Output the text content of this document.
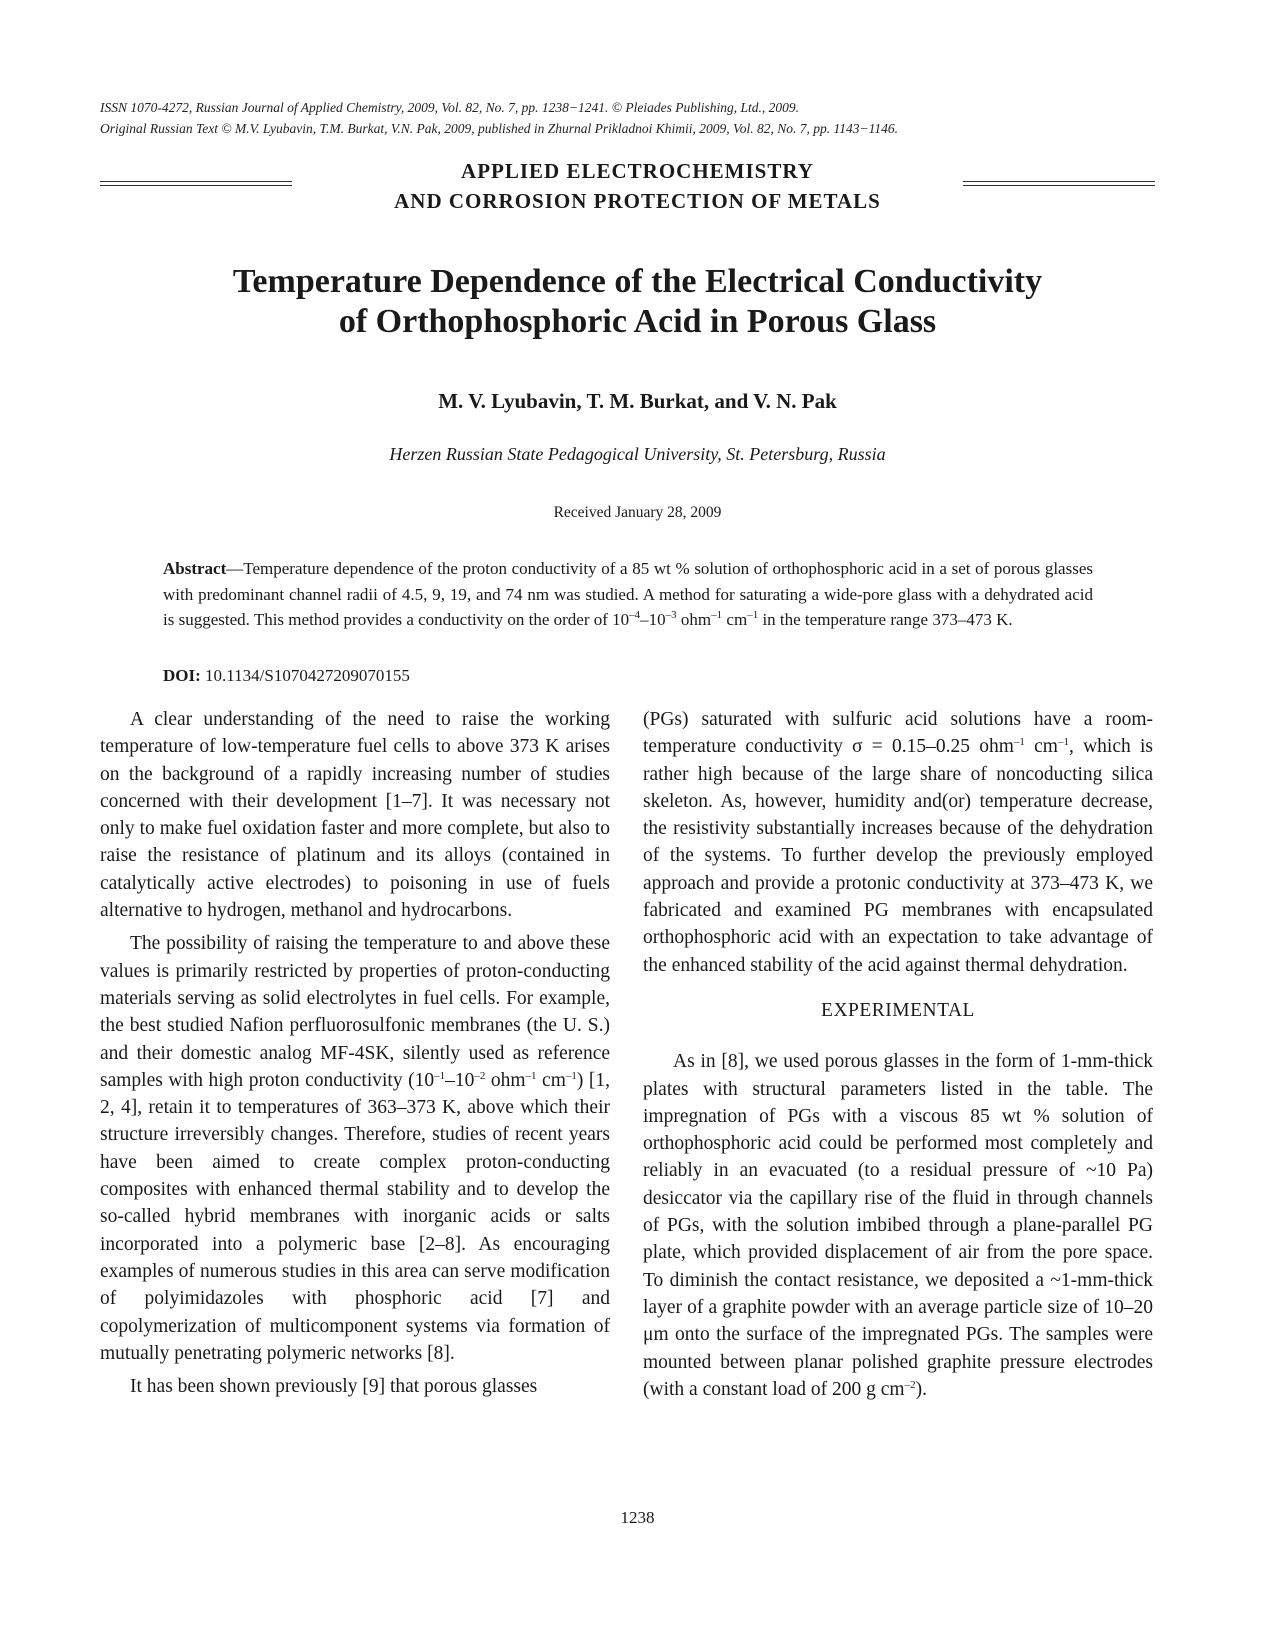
ISSN 1070-4272, Russian Journal of Applied Chemistry, 2009, Vol. 82, No. 7, pp. 1238−1241. © Pleiades Publishing, Ltd., 2009.
Original Russian Text © M.V. Lyubavin, T.M. Burkat, V.N. Pak, 2009, published in Zhurnal Prikladnoi Khimii, 2009, Vol. 82, No. 7, pp. 1143−1146.
APPLIED ELECTROCHEMISTRY
AND CORROSION PROTECTION OF METALS
Temperature Dependence of the Electrical Conductivity
of Orthophosphoric Acid in Porous Glass
M. V. Lyubavin, T. M. Burkat, and V. N. Pak
Herzen Russian State Pedagogical University, St. Petersburg, Russia
Received January 28, 2009
Abstract—Temperature dependence of the proton conductivity of a 85 wt % solution of orthophosphoric acid in a set of porous glasses with predominant channel radii of 4.5, 9, 19, and 74 nm was studied. A method for saturating a wide-pore glass with a dehydrated acid is suggested. This method provides a conductivity on the order of $10^{-4}-10^{-3}$ ohm$^{-1}$ $cm^{-1}$ in the temperature range 373–473 K.
DOI: 10.1134/S1070427209070155

A clear understanding of the need to raise the working temperature of low-temperature fuel cells to above 373 K arises on the background of a rapidly increasing number of studies concerned with their development [1–7]. It was necessary not only to make fuel oxidation faster and more complete, but also to raise the resistance of platinum and its alloys (contained in catalytically active electrodes) to poisoning in use of fuels alternative to hydrogen, methanol and hydrocarbons.

The possibility of raising the temperature to and above these values is primarily restricted by properties of proton-conducting materials serving as solid electrolytes in fuel cells. For example, the best studied Nafion perfluorosulfonic membranes (the U. S.) and their domestic analog MF-4SK, silently used as reference samples with high proton conductivity ($10^{-1}-10^{-2}$ ohm$^{-1}$ $cm^{-1}$) [1, 2, 4], retain it to temperatures of 363–373 K, above which their structure irreversibly changes. Therefore, studies of recent years have been aimed to create complex proton-conducting composites with enhanced thermal stability and to develop the so-called hybrid membranes with inorganic acids or salts incorporated into a polymeric base [2–8]. As encouraging examples of numerous studies in this area can serve modification of polyimidazoles with phosphoric acid [7] and copolymerization of multicomponent systems via formation of mutually penetrating polymeric networks [8].

It has been shown previously [9] that porous glasses

(PGs) saturated with sulfuric acid solutions have a room-temperature conductivity σ = 0.15–0.25 ohm$^{-1}$ $cm^{-1}$, which is rather high because of the large share of noncoducting silica skeleton. As, however, humidity and(or) temperature decrease, the resistivity substantially increases because of the dehydration of the systems. To further develop the previously employed approach and provide a protonic conductivity at 373–473 K, we fabricated and examined PG membranes with encapsulated orthophosphoric acid with an expectation to take advantage of the enhanced stability of the acid against thermal dehydration.

EXPERIMENTAL

As in [8], we used porous glasses in the form of 1-mm-thick plates with structural parameters listed in the table. The impregnation of PGs with a viscous 85 wt % solution of orthophosphoric acid could be performed most completely and reliably in an evacuated (to a residual pressure of ~10 Pa) desiccator via the capillary rise of the fluid in through channels of PGs, with the solution imbibed through a plane-parallel PG plate, which provided displacement of air from the pore space. To diminish the contact resistance, we deposited a ~1-mm-thick layer of a graphite powder with an average particle size of 10–20 μm onto the surface of the impregnated PGs. The samples were mounted between planar polished graphite pressure electrodes (with a constant load of 200 g $cm^{-2}$).

1238
